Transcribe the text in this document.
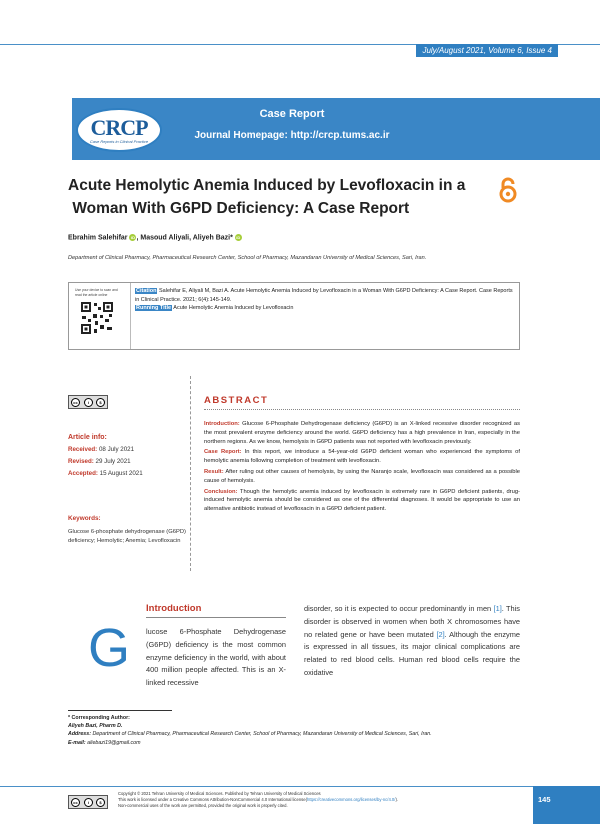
July/August 2021, Volume 6, Issue 4
Case Report
Journal Homepage: http://crcp.tums.ac.ir
CRCP
Case Reports in Clinical Practice
Acute Hemolytic Anemia Induced by Levofloxacin in a
Woman With G6PD Deficiency: A Case Report
Ebrahim Salehifar iD , Masoud Aliyali, Aliyeh Bazi* iD
Department of Clinical Pharmacy, Pharmaceutical Research Center, School of Pharmacy, Mazandaran University of Medical Sciences, Sari, Iran.
Use your device to scan and read the article online
Citation Salehifar E, Aliyali M, Bazi A. Acute Hemolytic Anemia Induced by Levofloxacin in a Woman With G6PD Deficiency: A Case Report. Case Reports in Clinical Practice. 2021; 6(4):145-149.
Running Title Acute Hemolytic Anemia Induced by Levofloxacin
cc	i	$	ABSTRACT
Article info:
Received: 08 July 2021
Revised: 29 July 2021
Accepted: 15 August 2021
Keywords:
Glucose 6-phosphate dehydrogenase (G6PD) deficiency; Hemolytic; Anemia; Levofloxacin

Introduction: Glucose 6-Phosphate Dehydrogenase deficiency (G6PD) is an X-linked recessive disorder recognized as the most prevalent enzyme deficiency around the world. G6PD deficiency has a high prevalence in Iran, especially in the northern regions. As we know, hemolysis in G6PD patients was not reported with levofloxacin previously.

Case Report: In this report, we introduce a 54-year-old G6PD deficient woman who experienced the symptoms of hemolytic anemia following completion of treatment with levofloxacin.

Result: After ruling out other causes of hemolysis, by using the Naranjo scale, levofloxacin was considered as a possible cause of hemolysis.

Conclusion: Though the hemolytic anemia induced by levofloxacin is extremely rare in G6PD deficient patients, drug-induced hemolytic anemia should be considered as one of the differential diagnoses. It would be appropriate to use an alternative antibiotic instead of levofloxacin in a G6PD deficient patient.

Introduction
G lucose 6-Phosphate Dehydrogenase (G6PD) deficiency is the most common enzyme deficiency in the world, with about 400 million people affected. This is an X-linked recessive
disorder, so it is expected to occur predominantly in men [1]. This disorder is observed in women when both X chromosomes have no related gene or have been mutated [2]. Although the enzyme is expressed in all tissues, its major clinical complications are related to red blood cells. Human red blood cells require the oxidative
* Corresponding Author:
Aliyeh Bazi, Pharm D.
Address: Department of Clinical Pharmacy, Pharmaceutical Research Center, School of Pharmacy, Mazandaran University of Medical Sciences, Sari, Iran.
E-mail: aliebazi19@gmail.com
cc	i	$
Copyright © 2021 Tehran University of Medical Sciences. Published by Tehran University of Medical Sciences
This work is licensed under a Creative Commons Attribution-NonCommercial 4.0 International license(https://creativecommons.org/licenses/by-nc/4.0/).
Non-commercial uses of the work are permitted, provided the original work is properly cited.
145
